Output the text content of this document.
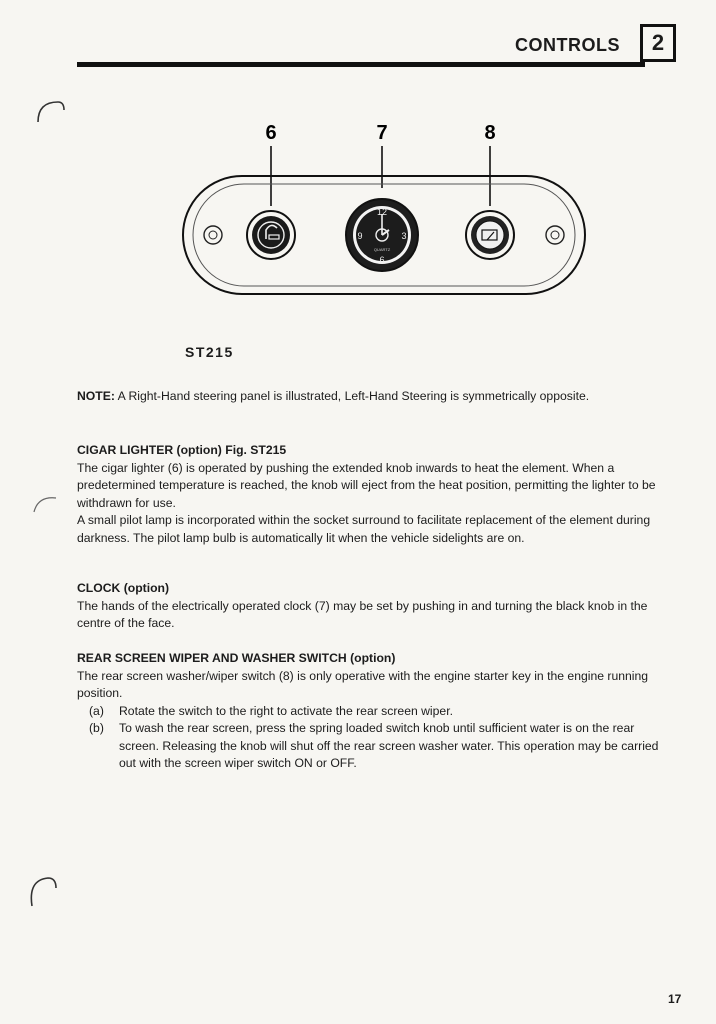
CONTROLS	2
6	7	8
12
3
6
9
QUARTZ
ST215

NOTE: A Right-Hand steering panel is illustrated, Left-Hand Steering is symmetrically opposite.

CIGAR LIGHTER (option) Fig. ST215

The cigar lighter (6) is operated by pushing the extended knob inwards to heat the element. When a predetermined temperature is reached, the knob will eject from the heat position, permitting the lighter to be withdrawn for use.

A small pilot lamp is incorporated within the socket surround to facilitate replacement of the element during darkness. The pilot lamp bulb is automatically lit when the vehicle sidelights are on.

CLOCK (option)

The hands of the electrically operated clock (7) may be set by pushing in and turning the black knob in the centre of the face.

REAR SCREEN WIPER AND WASHER SWITCH (option)

The rear screen washer/wiper switch (8) is only operative with the engine starter key in the engine running position.

(a)	Rotate the switch to the right to activate the rear screen wiper.
(b)	To wash the rear screen, press the spring loaded switch knob until sufficient water is on the rear screen. Releasing the knob will shut off the rear screen washer water. This operation may be carried out with the screen wiper switch ON or OFF.
17
